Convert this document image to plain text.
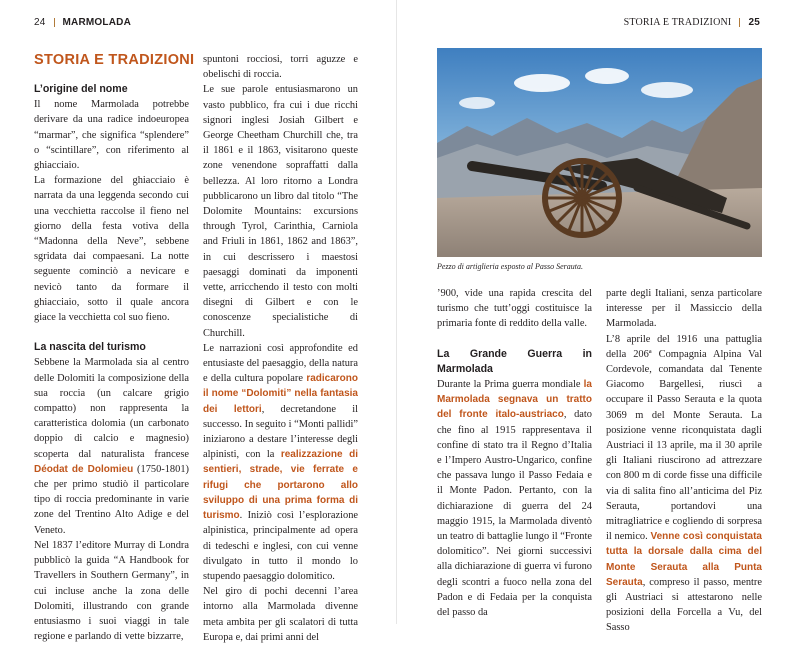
24 MARMOLADA
STORIA E TRADIZIONI

L’origine del nome

Il nome Marmolada potrebbe derivare da una radice indoeuropea “marmar”, che significa “splendere” o “scintillare”, con riferimento al ghiacciaio.

La formazione del ghiacciaio è narrata da una leggenda secondo cui una vecchietta raccolse il fieno nel giorno della festa votiva della “Madonna della Neve”, sebbene sgridata dai compaesani. La notte seguente cominciò a nevicare e nevicò tanto da formare il ghiacciaio, sotto il quale ancora giace la vecchietta col suo fieno.

La nascita del turismo

Sebbene la Marmolada sia al centro delle Dolomiti la composizione della sua roccia (un calcare grigio compatto) non rappresenta la caratteristica dolomia (un carbonato doppio di calcio e magnesio) scoperta dal naturalista francese Déodat de Dolomieu (1750-1801) che per primo studiò il particolare tipo di roccia predominante in varie zone del Trentino Alto Adige e del Veneto.

Nel 1837 l’editore Murray di Londra pubblicò la guida “A Handbook for Travellers in Southern Germany”, in cui incluse anche la zona delle Dolomiti, illustrando con grande entusiasmo i suoi viaggi in tale regione e parlando di vette bizzarre,

spuntoni rocciosi, torri aguzze e obelischi di roccia.

Le sue parole entusiasmarono un vasto pubblico, fra cui i due ricchi signori inglesi Josiah Gilbert e George Cheetham Churchill che, tra il 1861 e il 1863, visitarono queste zone venendone sopraffatti dalla bellezza. Al loro ritorno a Londra pubblicarono un libro dal titolo “The Dolomite Mountains: excursions through Tyrol, Carinthia, Carniola and Friuli in 1861, 1862 and 1863”, in cui descrissero i maestosi paesaggi dominati da imponenti vette, arricchendo il testo con molti disegni di Gilbert e con le conoscenze specialistiche di Churchill.

Le narrazioni così approfondite ed entusiaste del paesaggio, della natura e della cultura popolare radicarono il nome “Dolomiti” nella fantasia dei lettori, decretandone il successo. In seguito i “Monti pallidi” iniziarono a destare l’interesse degli alpinisti, con la realizzazione di sentieri, strade, vie ferrate e rifugi che portarono allo sviluppo di una prima forma di turismo. Iniziò così l’esplorazione alpinistica, principalmente ad opera di tedeschi e inglesi, con cui venne divulgato in tutto il mondo lo stupendo paesaggio dolomitico.

Nel giro di pochi decenni l’area intorno alla Marmolada divenne meta ambita per gli scalatori di tutta Europa e, dai primi anni del

STORIA E TRADIZIONI 25
Pezzo di artiglieria esposto al Passo Serauta.

’900, vide una rapida crescita del turismo che tutt’oggi costituisce la primaria fonte di reddito della valle.

La Grande Guerra in Marmolada

Durante la Prima guerra mondiale la Marmolada segnava un tratto del fronte italo-austriaco, dato che fino al 1915 rappresentava il confine di stato tra il Regno d’Italia e l’Impero Austro-Ungarico, confine che passava lungo il Passo Fedaia e il Monte Padon. Pertanto, con la dichiarazione di guerra del 24 maggio 1915, la Marmolada diventò un teatro di battaglie lungo il “Fronte dolomitico”. Nei giorni successivi alla dichiarazione di guerra vi furono degli scontri a fuoco nella zona del Padon e di Fedaia per la conquista del passo da

parte degli Italiani, senza particolare interesse per il Massiccio della Marmolada.

L’8 aprile del 1916 una pattuglia della 206ª Compagnia Alpina Val Cordevole, comandata dal Tenente Giacomo Bargellesi, riuscì a occupare il Passo Serauta e la quota 3069 m del Monte Serauta. La posizione venne riconquistata dagli Austriaci il 13 aprile, ma il 30 aprile gli Italiani riuscirono ad attrezzare con 800 m di corde fisse una difficile via di salita fino all’anticima del Piz Serauta, portandovi una mitragliatrice e cogliendo di sorpresa il nemico. Venne così conquistata tutta la dorsale dalla cima del Monte Serauta alla Punta Serauta, compreso il passo, mentre gli Austriaci si attestarono nelle posizioni della Forcella a Vu, del Sasso
